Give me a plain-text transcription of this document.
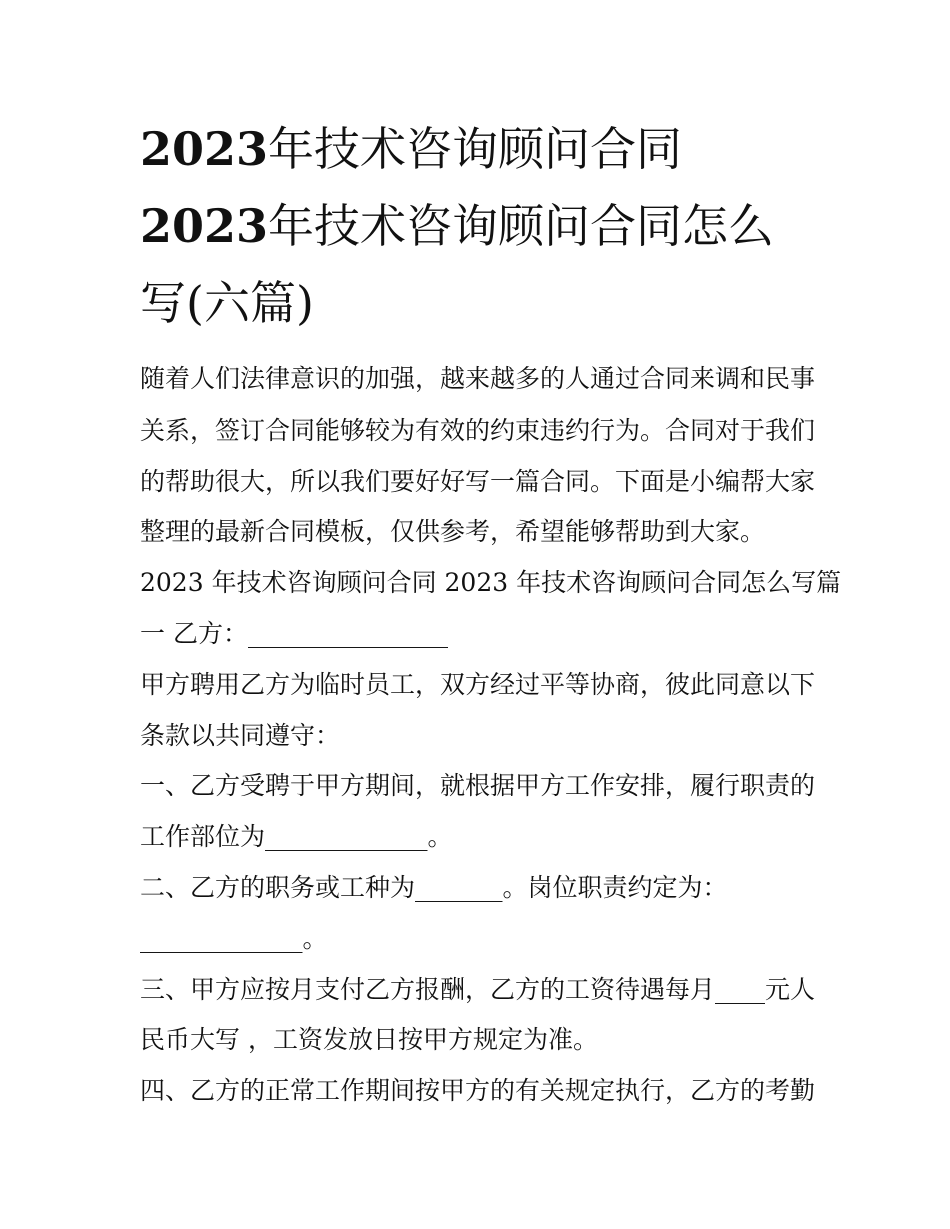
2023年技术咨询顾问合同
2023年技术咨询顾问合同怎么
写(六篇)
随着人们法律意识的加强，越来越多的人通过合同来调和民事
关系，签订合同能够较为有效的约束违约行为。合同对于我们
的帮助很大，所以我们要好好写一篇合同。下面是小编帮大家
整理的最新合同模板，仅供参考，希望能够帮助到大家。
2023 年技术咨询顾问合同 2023 年技术咨询顾问合同怎么写篇
一 乙方：________________
甲方聘用乙方为临时员工，双方经过平等协商，彼此同意以下
条款以共同遵守：
一、乙方受聘于甲方期间，就根据甲方工作安排，履行职责的
工作部位为_____________。
二、乙方的职务或工种为_______。岗位职责约定为：
_____________。
三、甲方应按月支付乙方报酬，乙方的工资待遇每月____元人
民币大写 ，工资发放日按甲方规定为准。
四、乙方的正常工作期间按甲方的有关规定执行，乙方的考勤
